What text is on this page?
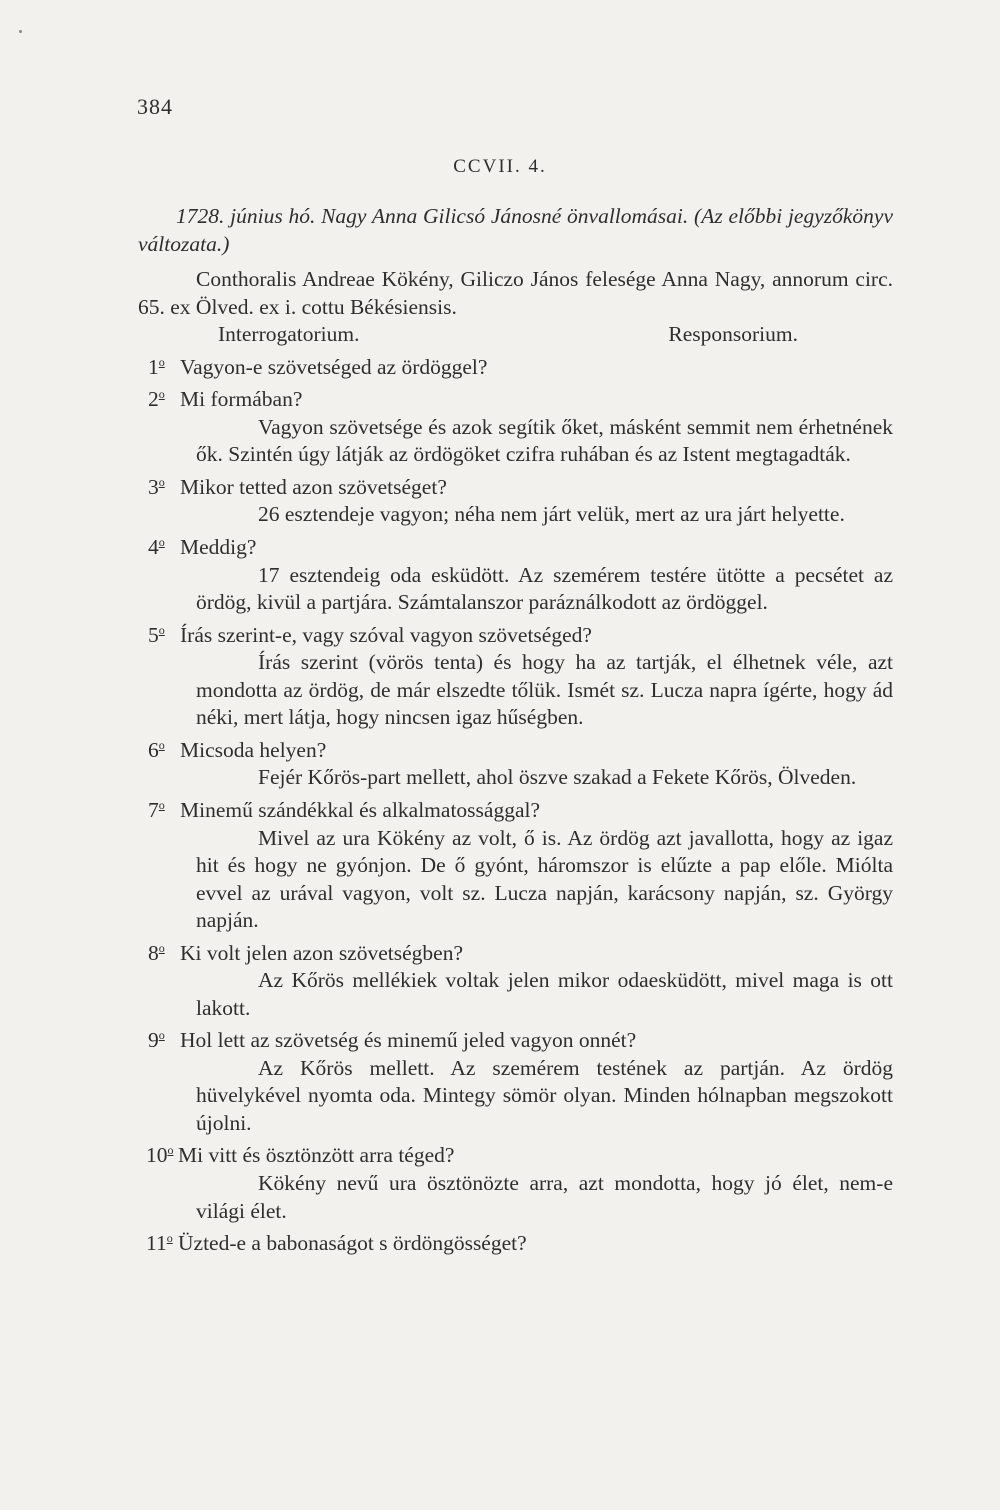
384
CCVII. 4.

1728. június hó. Nagy Anna Gilicsó Jánosné önvallomásai. (Az előbbi jegyzőkönyv változata.)

Conthoralis Andreae Kökény, Giliczo János felesége Anna Nagy, annorum circ. 65. ex Ölved. ex i. cottu Békésiensis.

Interrogatorium.	Responsorium.

1$^o$ Vagyon-e szövetséged az ördöggel?

2$^o$ Mi formában?

Vagyon szövetsége és azok segítik őket, másként semmit nem érhetnének ők. Szintén úgy látják az ördögöket czifra ruhában és az Istent megtagadták.

3$^o$ Mikor tetted azon szövetséget?

26 esztendeje vagyon; néha nem járt velük, mert az ura járt helyette.

4$^o$ Meddig?

17 esztendeig oda esküdött. Az szemérem testére ütötte a pecsétet az ördög, kivül a partjára. Számtalanszor paráználkodott az ördöggel.

5$^o$ Írás szerint-e, vagy szóval vagyon szövetséged?

Írás szerint (vörös tenta) és hogy ha az tartják, el élhetnek véle, azt mondotta az ördög, de már elszedte tőlük. Ismét sz. Lucza napra ígérte, hogy ád néki, mert látja, hogy nincsen igaz hűségben.

6$^o$ Micsoda helyen?

Fejér Kőrös-part mellett, ahol öszve szakad a Fekete Kőrös, Ölveden.

7$^o$ Minemű szándékkal és alkalmatossággal?

Mivel az ura Kökény az volt, ő is. Az ördög azt javallotta, hogy az igaz hit és hogy ne gyónjon. De ő gyónt, háromszor is elűzte a pap előle. Miólta evvel az urával vagyon, volt sz. Lucza napján, karácsony napján, sz. György napján.

8$^o$ Ki volt jelen azon szövetségben?

Az Kőrös mellékiek voltak jelen mikor odaesküdött, mivel maga is ott lakott.

9$^o$ Hol lett az szövetség és minemű jeled vagyon onnét?

Az Kőrös mellett. Az szemérem testének az partján. Az ördög hüvelykével nyomta oda. Mintegy sömör olyan. Minden hólnapban megszokott újolni.

10$^o$ Mi vitt és ösztönzött arra téged?

Kökény nevű ura ösztönözte arra, azt mondotta, hogy jó élet, nem-e világi élet.

11$^o$ Üzted-e a babonaságot s ördöngösséget?
